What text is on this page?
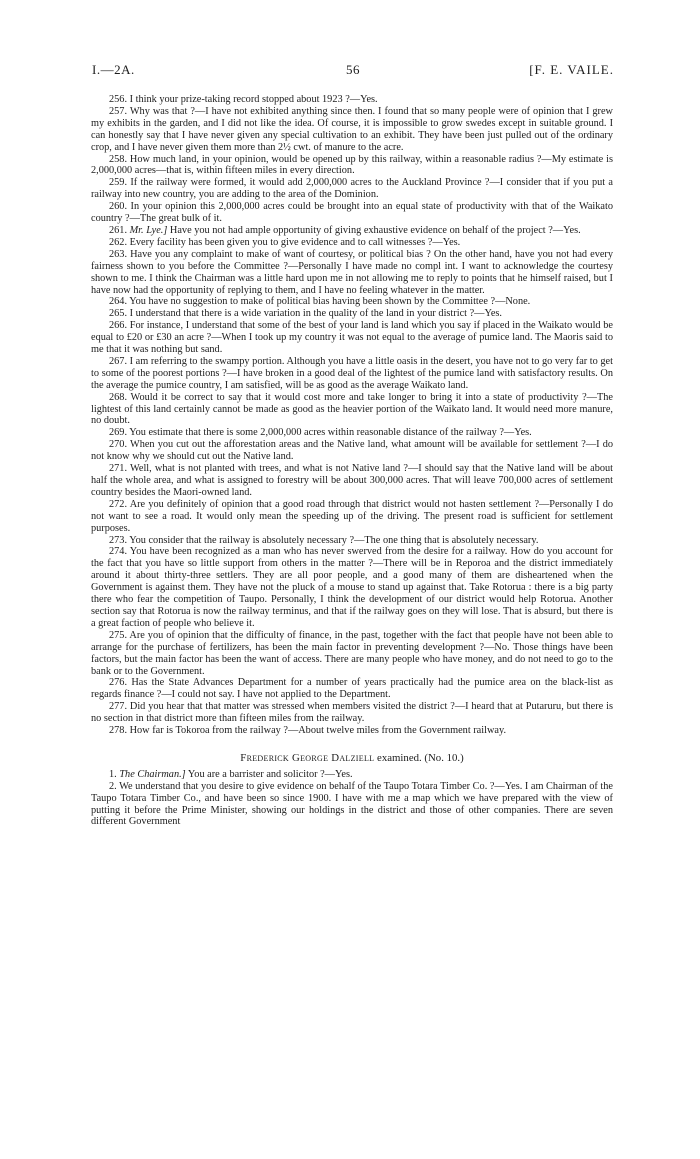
I.—2A.	56	[F. E. VAILE.

256. I think your prize-taking record stopped about 1923 ?—Yes.

257. Why was that ?—I have not exhibited anything since then. I found that so many people were of opinion that I grew my exhibits in the garden, and I did not like the idea. Of course, it is impossible to grow swedes except in suitable ground. I can honestly say that I have never given any special cultivation to an exhibit. They have been just pulled out of the ordinary crop, and I have never given them more than 2½ cwt. of manure to the acre.

258. How much land, in your opinion, would be opened up by this railway, within a reasonable radius ?—My estimate is 2,000,000 acres—that is, within fifteen miles in every direction.

259. If the railway were formed, it would add 2,000,000 acres to the Auckland Province ?—I consider that if you put a railway into new country, you are adding to the area of the Dominion.

260. In your opinion this 2,000,000 acres could be brought into an equal state of productivity with that of the Waikato country ?—The great bulk of it.

261. Mr. Lye.] Have you not had ample opportunity of giving exhaustive evidence on behalf of the project ?—Yes.

262. Every facility has been given you to give evidence and to call witnesses ?—Yes.

263. Have you any complaint to make of want of courtesy, or political bias ? On the other hand, have you not had every fairness shown to you before the Committee ?—Personally I have made no compl int. I want to acknowledge the courtesy shown to me. I think the Chairman was a little hard upon me in not allowing me to reply to points that he himself raised, but I have now had the opportunity of replying to them, and I have no feeling whatever in the matter.

264. You have no suggestion to make of political bias having been shown by the Committee ?—None.

265. I understand that there is a wide variation in the quality of the land in your district ?—Yes.

266. For instance, I understand that some of the best of your land is land which you say if placed in the Waikato would be equal to £20 or £30 an acre ?—When I took up my country it was not equal to the average of pumice land. The Maoris said to me that it was nothing but sand.

267. I am referring to the swampy portion. Although you have a little oasis in the desert, you have not to go very far to get to some of the poorest portions ?—I have broken in a good deal of the lightest of the pumice land with satisfactory results. On the average the pumice country, I am satisfied, will be as good as the average Waikato land.

268. Would it be correct to say that it would cost more and take longer to bring it into a state of productivity ?—The lightest of this land certainly cannot be made as good as the heavier portion of the Waikato land. It would need more manure, no doubt.

269. You estimate that there is some 2,000,000 acres within reasonable distance of the railway ?—Yes.

270. When you cut out the afforestation areas and the Native land, what amount will be available for settlement ?—I do not know why we should cut out the Native land.

271. Well, what is not planted with trees, and what is not Native land ?—I should say that the Native land will be about half the whole area, and what is assigned to forestry will be about 300,000 acres. That will leave 700,000 acres of settlement country besides the Maori-owned land.

272. Are you definitely of opinion that a good road through that district would not hasten settlement ?—Personally I do not want to see a road. It would only mean the speeding up of the driving. The present road is sufficient for settlement purposes.

273. You consider that the railway is absolutely necessary ?—The one thing that is absolutely necessary.

274. You have been recognized as a man who has never swerved from the desire for a railway. How do you account for the fact that you have so little support from others in the matter ?—There will be in Reporoa and the district immediately around it about thirty-three settlers. They are all poor people, and a good many of them are disheartened when the Government is against them. They have not the pluck of a mouse to stand up against that. Take Rotorua : there is a big party there who fear the competition of Taupo. Personally, I think the development of our district would help Rotorua. Another section say that Rotorua is now the railway terminus, and that if the railway goes on they will lose. That is absurd, but there is a great faction of people who believe it.

275. Are you of opinion that the difficulty of finance, in the past, together with the fact that people have not been able to arrange for the purchase of fertilizers, has been the main factor in preventing development ?—No. Those things have been factors, but the main factor has been the want of access. There are many people who have money, and do not need to go to the bank or to the Government.

276. Has the State Advances Department for a number of years practically had the pumice area on the black-list as regards finance ?—I could not say. I have not applied to the Department.

277. Did you hear that that matter was stressed when members visited the district ?—I heard that at Putaruru, but there is no section in that district more than fifteen miles from the railway.

278. How far is Tokoroa from the railway ?—About twelve miles from the Government railway.

Frederick George Dalziell examined. (No. 10.)

1. The Chairman.] You are a barrister and solicitor ?—Yes.

2. We understand that you desire to give evidence on behalf of the Taupo Totara Timber Co. ?—Yes. I am Chairman of the Taupo Totara Timber Co., and have been so since 1900. I have with me a map which we have prepared with the view of putting it before the Prime Minister, showing our holdings in the district and those of other companies. There are seven different Government
